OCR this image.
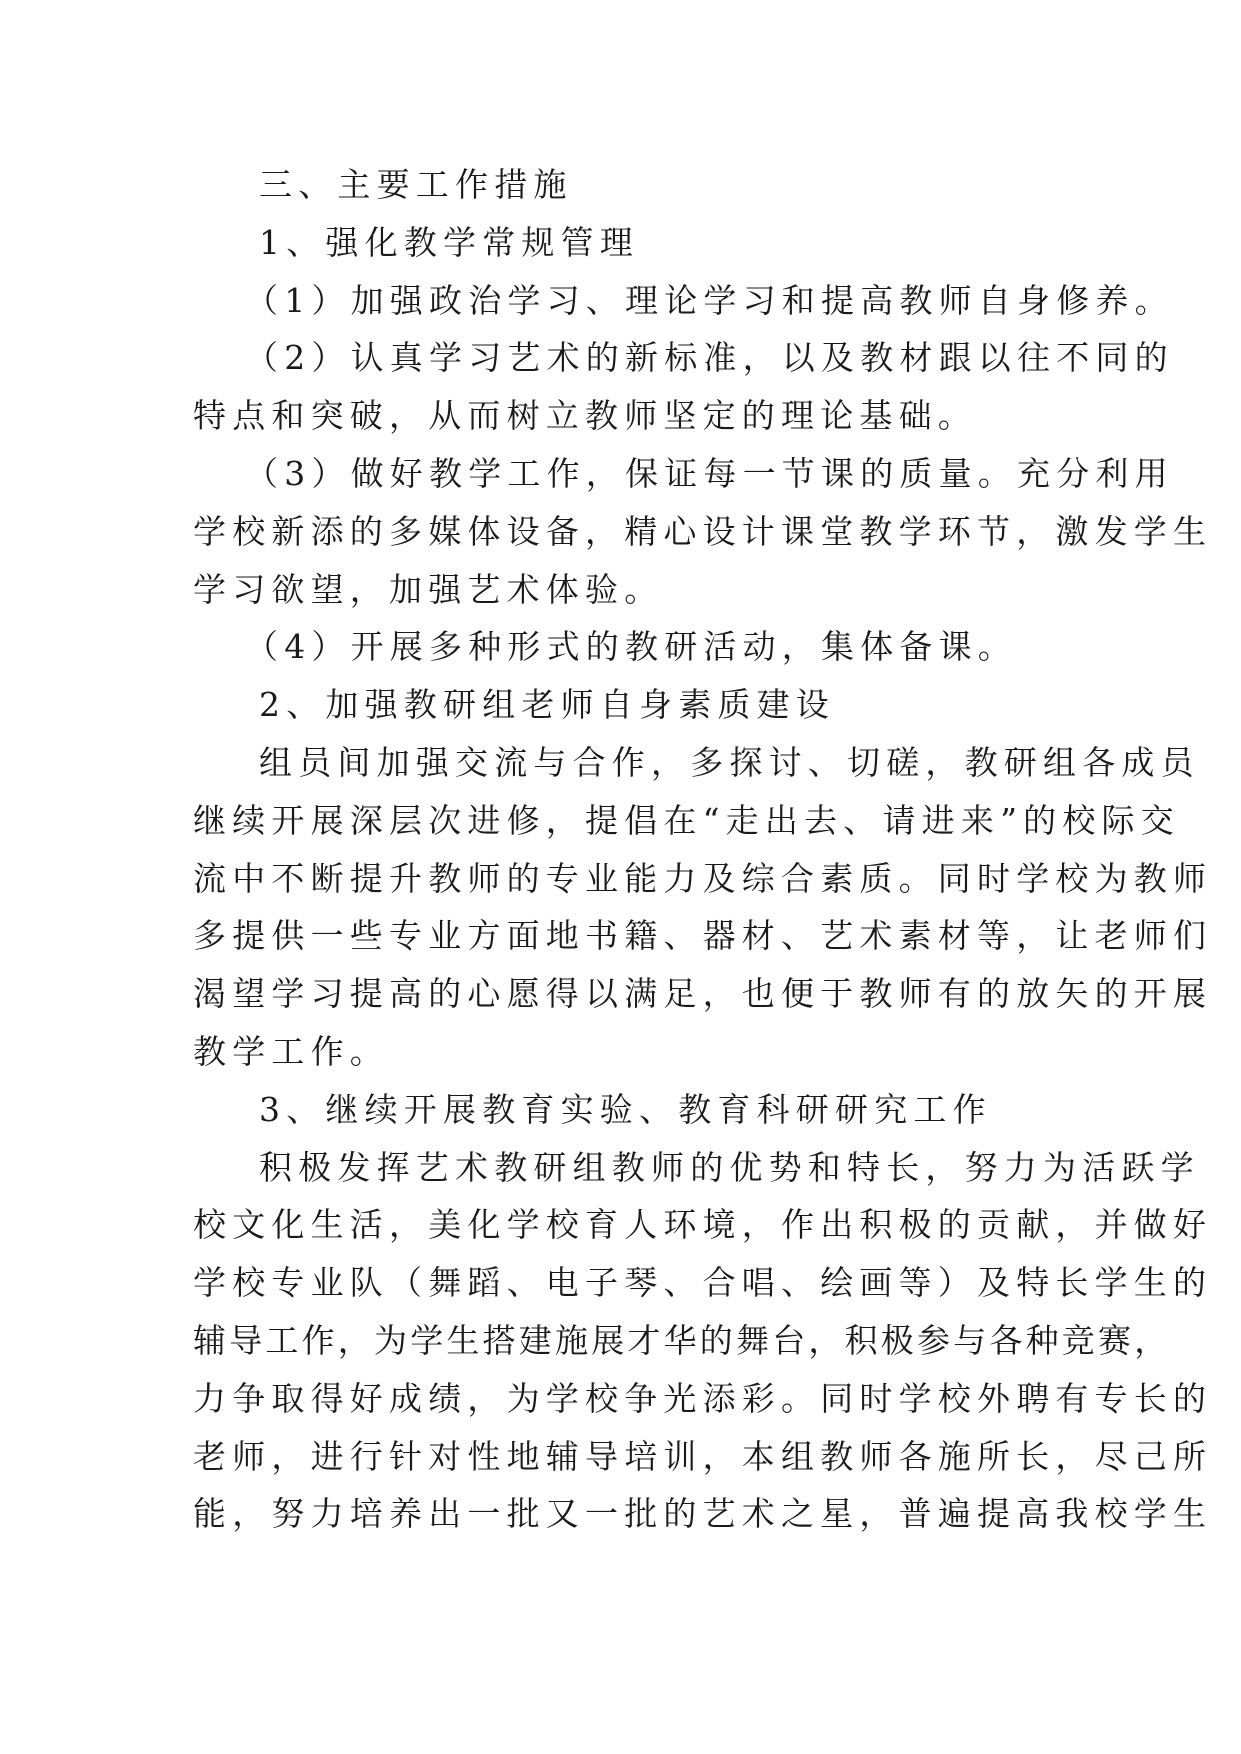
三、主要工作措施
1、强化教学常规管理
（1）加强政治学习、理论学习和提高教师自身修养。
（2）认真学习艺术的新标准，以及教材跟以往不同的
特点和突破，从而树立教师坚定的理论基础。
（3）做好教学工作，保证每一节课的质量。充分利用
学校新添的多媒体设备，精心设计课堂教学环节，激发学生
学习欲望，加强艺术体验。
（4）开展多种形式的教研活动，集体备课。
2、加强教研组老师自身素质建设
组员间加强交流与合作，多探讨、切磋，教研组各成员
继续开展深层次进修，提倡在“走出去、请进来”的校际交
流中不断提升教师的专业能力及综合素质。同时学校为教师
多提供一些专业方面地书籍、器材、艺术素材等，让老师们
渴望学习提高的心愿得以满足，也便于教师有的放矢的开展
教学工作。
3、继续开展教育实验、教育科研研究工作
积极发挥艺术教研组教师的优势和特长，努力为活跃学
校文化生活，美化学校育人环境，作出积极的贡献，并做好
学校专业队（舞蹈、电子琴、合唱、绘画等）及特长学生的
辅导工作，为学生搭建施展才华的舞台，积极参与各种竞赛，
力争取得好成绩，为学校争光添彩。同时学校外聘有专长的
老师，进行针对性地辅导培训，本组教师各施所长，尽己所
能，努力培养出一批又一批的艺术之星，普遍提高我校学生
